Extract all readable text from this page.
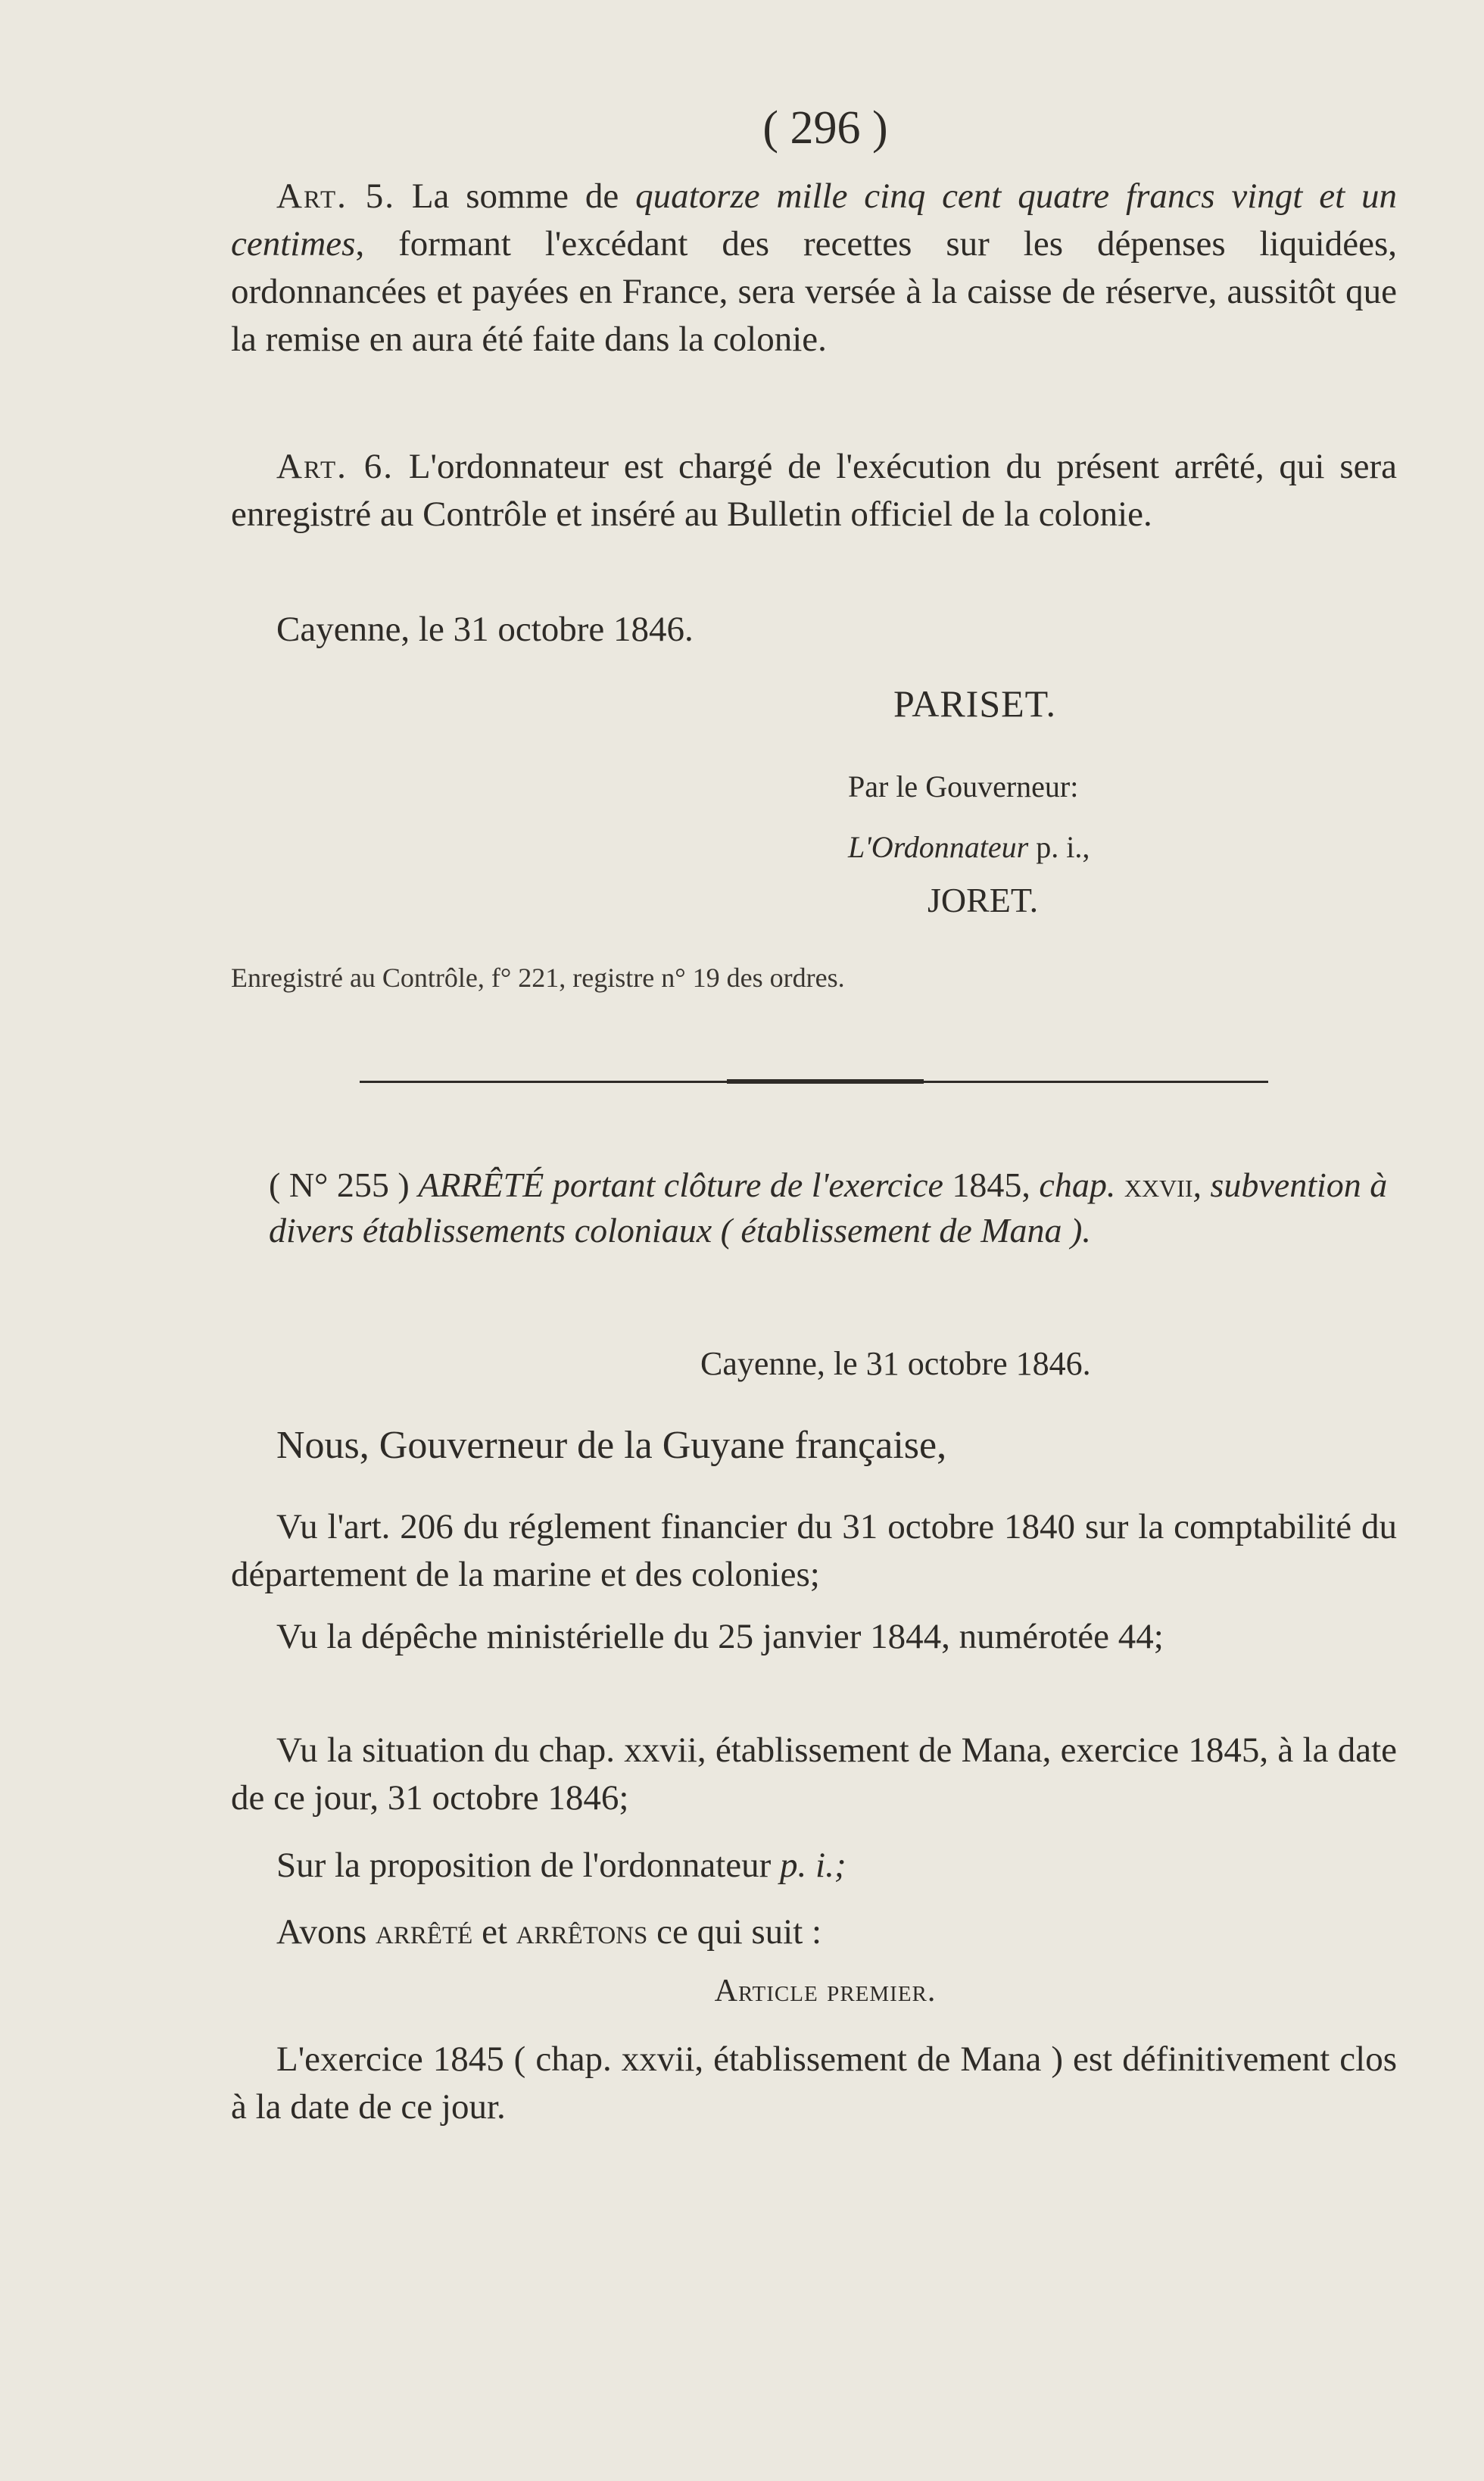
( 296 )
Art. 5. La somme de quatorze mille cinq cent quatre francs vingt et un centimes, formant l'excédant des recettes sur les dépenses liquidées, ordonnancées et payées en France, sera versée à la caisse de réserve, aussitôt que la remise en aura été faite dans la colonie.
Art. 6. L'ordonnateur est chargé de l'exécution du présent arrêté, qui sera enregistré au Contrôle et inséré au Bulletin officiel de la colonie.
Cayenne, le 31 octobre 1846.
PARISET.
Par le Gouverneur:
L'Ordonnateur p. i.,
JORET.
Enregistré au Contrôle, f° 221, registre n° 19 des ordres.
( N° 255 ) ARRÊTÉ portant clôture de l'exercice 1845, chap. xxvii, subvention à divers établissements coloniaux ( établissement de Mana ).
Cayenne, le 31 octobre 1846.
Nous, Gouverneur de la Guyane française,
Vu l'art. 206 du réglement financier du 31 octobre 1840 sur la comptabilité du département de la marine et des colonies;
Vu la dépêche ministérielle du 25 janvier 1844, numérotée 44;
Vu la situation du chap. xxvii, établissement de Mana, exercice 1845, à la date de ce jour, 31 octobre 1846;
Sur la proposition de l'ordonnateur p. i.;
Avons arrêté et arrêtons ce qui suit :
Article premier.
L'exercice 1845 ( chap. xxvii, établissement de Mana ) est définitivement clos à la date de ce jour.
